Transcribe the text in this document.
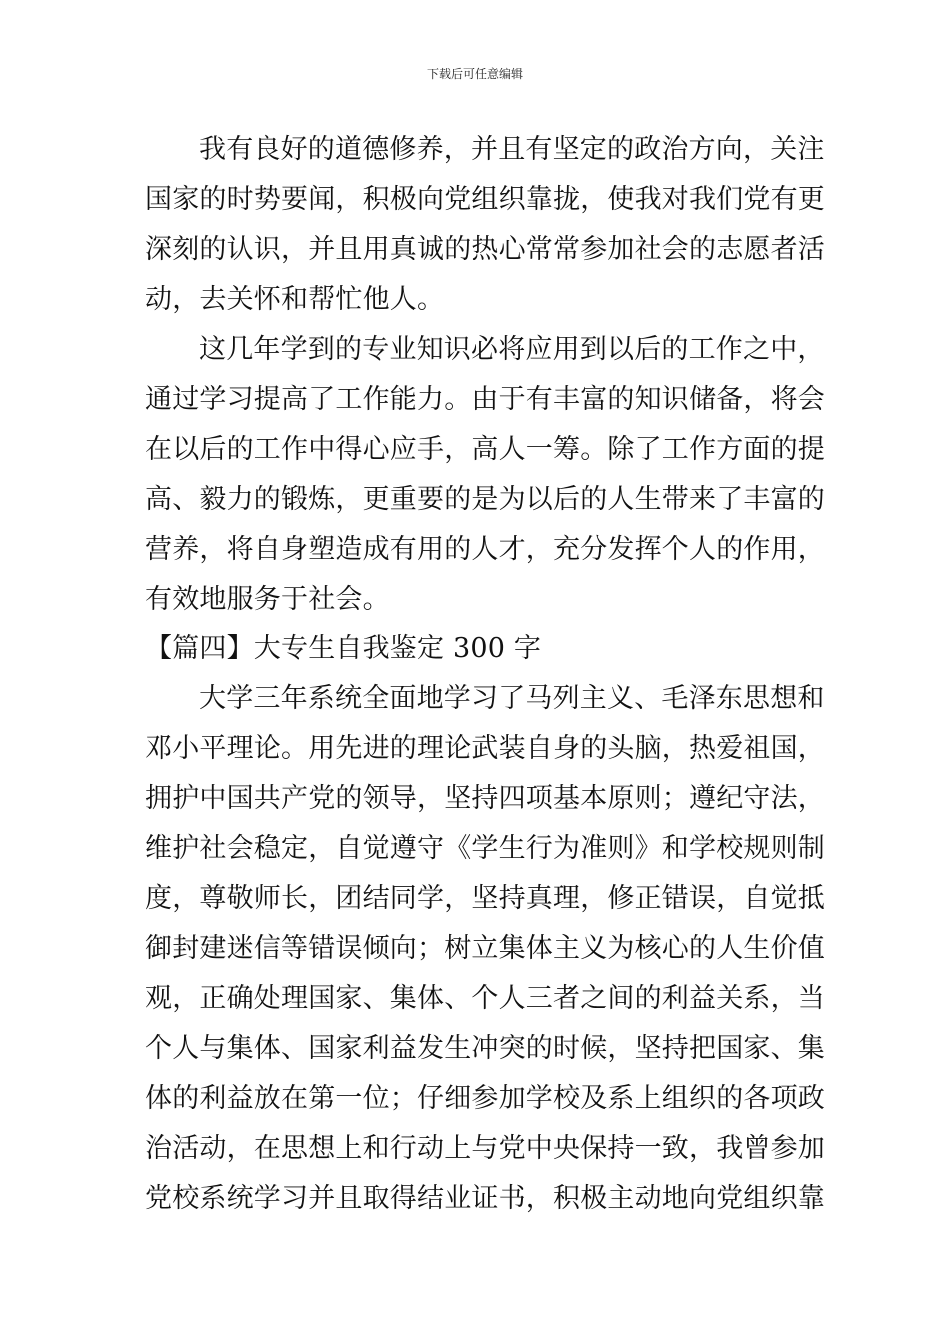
下载后可任意编辑
我有良好的道德修养，并且有坚定的政治方向，关注
国家的时势要闻，积极向党组织靠拢，使我对我们党有更
深刻的认识，并且用真诚的热心常常参加社会的志愿者活
动，去关怀和帮忙他人。
这几年学到的专业知识必将应用到以后的工作之中，
通过学习提高了工作能力。由于有丰富的知识储备，将会
在以后的工作中得心应手，高人一筹。除了工作方面的提
高、毅力的锻炼，更重要的是为以后的人生带来了丰富的
营养，将自身塑造成有用的人才，充分发挥个人的作用，
有效地服务于社会。
【篇四】大专生自我鉴定 300 字
大学三年系统全面地学习了马列主义、毛泽东思想和
邓小平理论。用先进的理论武装自身的头脑，热爱祖国，
拥护中国共产党的领导，坚持四项基本原则；遵纪守法，
维护社会稳定，自觉遵守《学生行为准则》和学校规则制
度，尊敬师长，团结同学，坚持真理，修正错误，自觉抵
御封建迷信等错误倾向；树立集体主义为核心的人生价值
观，正确处理国家、集体、个人三者之间的利益关系，当
个人与集体、国家利益发生冲突的时候，坚持把国家、集
体的利益放在第一位；仔细参加学校及系上组织的各项政
治活动，在思想上和行动上与党中央保持一致，我曾参加
党校系统学习并且取得结业证书，积极主动地向党组织靠
